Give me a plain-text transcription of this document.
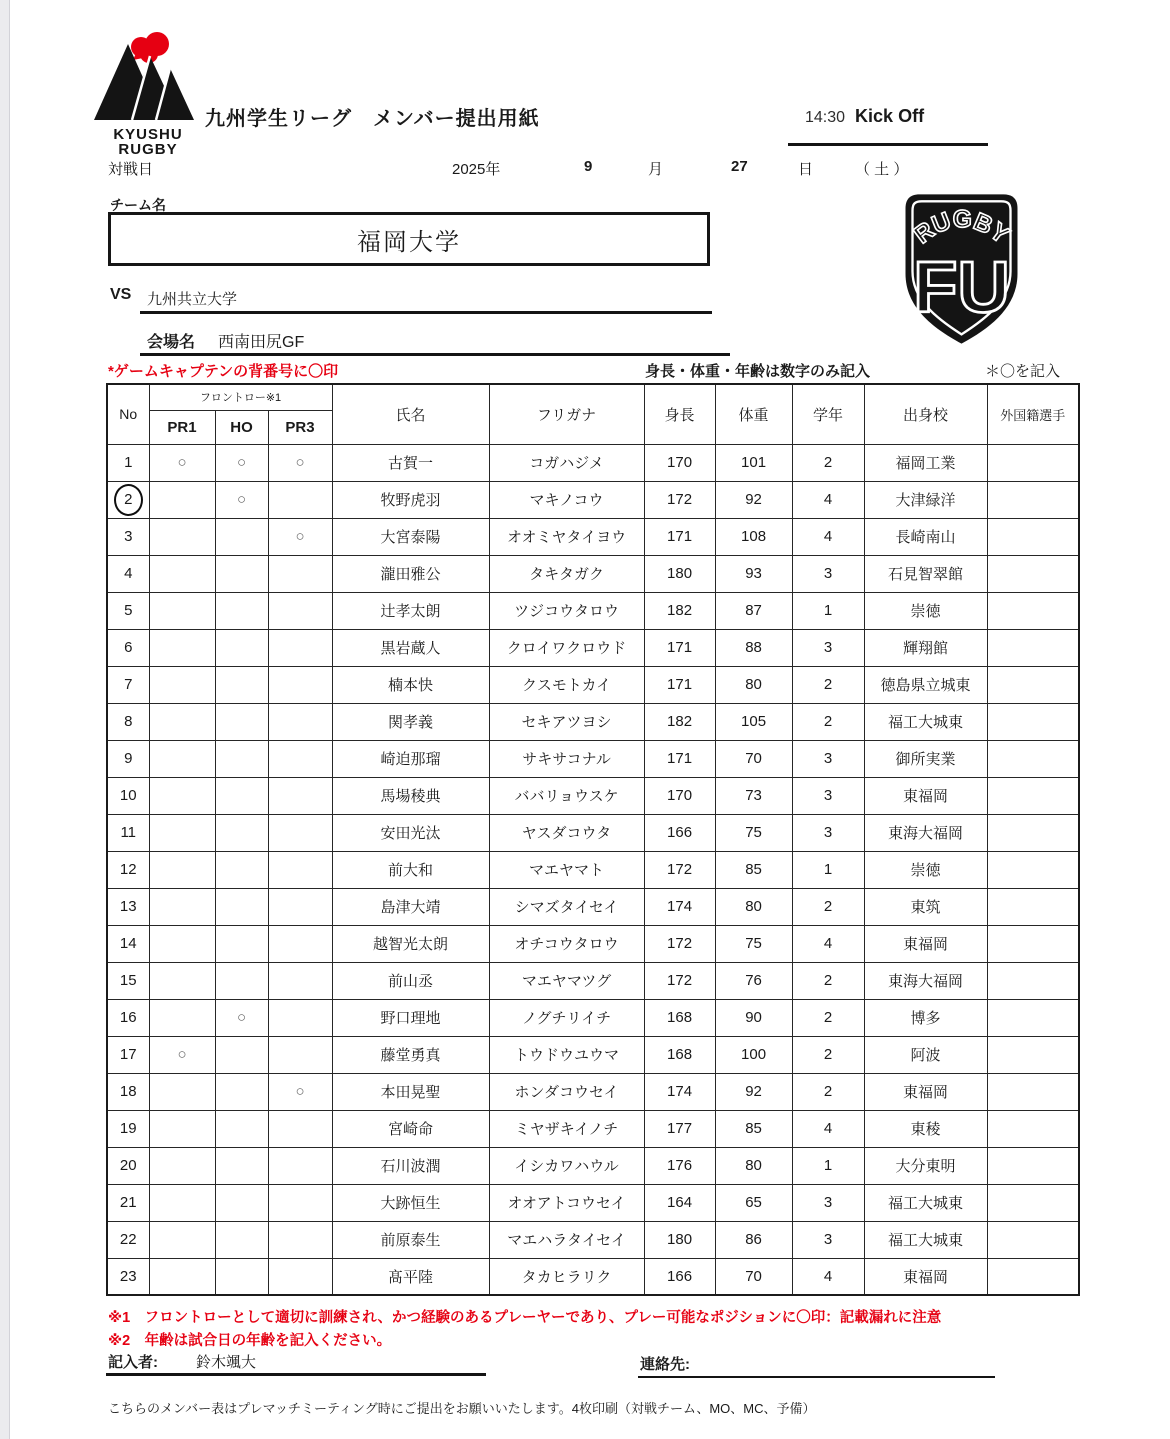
KYUSHU
RUGBY
九州学生リーグ　メンバー提出用紙	14:30 Kick Off
対戦日	2025年	9	月	27	日	（ 土 ）
チーム名
福岡大学
VS 九州共立大学
会場名 西南田尻GF
RUGBY
FU
*ゲームキャプテンの背番号に〇印	身長・体重・年齢は数字のみ記入	＊〇を記入
No	フロントロー※1			氏名	フリガナ	身長	体重	学年	出身校	外国籍選手
	PR1	HO	PR3							
1	○	○	○	古賀一	コガハジメ	170	101	2	福岡工業	
2		○		牧野虎羽	マキノコウ	172	92	4	大津緑洋	
3			○	大宮泰陽	オオミヤタイヨウ	171	108	4	長崎南山	
4				瀧田雅公	タキタガク	180	93	3	石見智翠館	
5				辻孝太朗	ツジコウタロウ	182	87	1	崇徳	
6				黒岩蔵人	クロイワクロウド	171	88	3	輝翔館	
7				楠本快	クスモトカイ	171	80	2	徳島県立城東	
8				関孝義	セキアツヨシ	182	105	2	福工大城東	
9				崎迫那瑠	サキサコナル	171	70	3	御所実業	
10				馬場稜典	ババリョウスケ	170	73	3	東福岡	
11				安田光汰	ヤスダコウタ	166	75	3	東海大福岡	
12				前大和	マエヤマト	172	85	1	崇徳	
13				島津大靖	シマズタイセイ	174	80	2	東筑	
14				越智光太朗	オチコウタロウ	172	75	4	東福岡	
15				前山丞	マエヤマツグ	172	76	2	東海大福岡	
16		○		野口理地	ノグチリイチ	168	90	2	博多	
17	○			藤堂勇真	トウドウユウマ	168	100	2	阿波	
18			○	本田晃聖	ホンダコウセイ	174	92	2	東福岡	
19				宮崎命	ミヤザキイノチ	177	85	4	東稜	
20				石川波潤	イシカワハウル	176	80	1	大分東明	
21				大跡恒生	オオアトコウセイ	164	65	3	福工大城東	
22				前原泰生	マエハラタイセイ	180	86	3	福工大城東	
23				髙平陸	タカヒラリク	166	70	4	東福岡	
※1　フロントローとして適切に訓練され、かつ経験のあるプレーヤーであり、プレー可能なポジションに〇印：記載漏れに注意
※2　年齢は試合日の年齢を記入ください。
記入者:	鈴木颯大	連絡先:
こちらのメンバー表はプレマッチミーティング時にご提出をお願いいたします。4枚印刷（対戦チーム、MO、MC、予備）
